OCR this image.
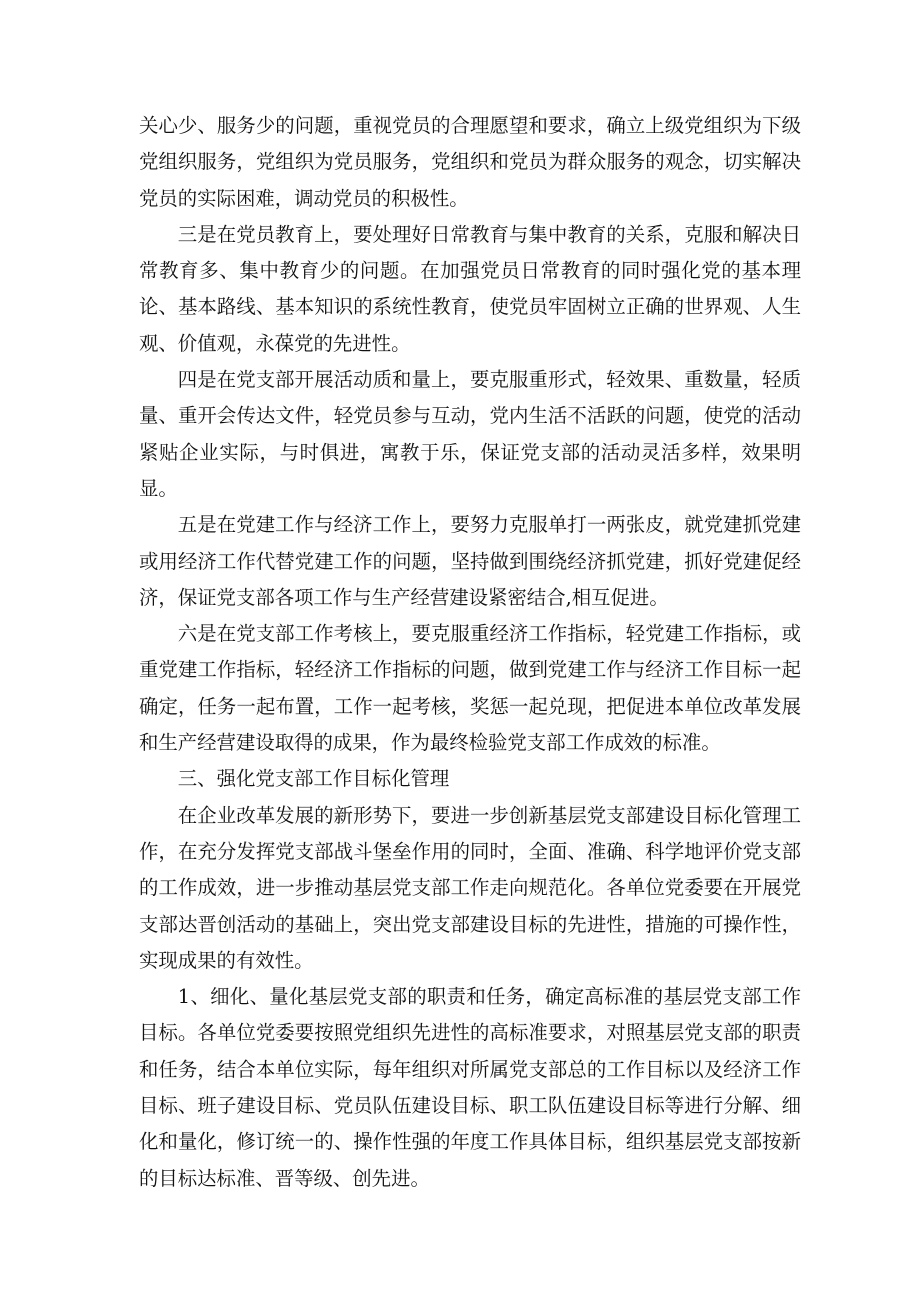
关心少、服务少的问题，重视党员的合理愿望和要求，确立上级党组织为下级党组织服务，党组织为党员服务，党组织和党员为群众服务的观念，切实解决党员的实际困难，调动党员的积极性。

三是在党员教育上，要处理好日常教育与集中教育的关系，克服和解决日常教育多、集中教育少的问题。在加强党员日常教育的同时强化党的基本理论、基本路线、基本知识的系统性教育，使党员牢固树立正确的世界观、人生观、价值观，永葆党的先进性。

四是在党支部开展活动质和量上，要克服重形式，轻效果、重数量，轻质量、重开会传达文件，轻党员参与互动，党内生活不活跃的问题，使党的活动紧贴企业实际，与时俱进，寓教于乐，保证党支部的活动灵活多样，效果明显。

五是在党建工作与经济工作上，要努力克服单打一两张皮，就党建抓党建或用经济工作代替党建工作的问题，坚持做到围绕经济抓党建，抓好党建促经济，保证党支部各项工作与生产经营建设紧密结合,相互促进。

六是在党支部工作考核上，要克服重经济工作指标，轻党建工作指标，或重党建工作指标，轻经济工作指标的问题，做到党建工作与经济工作目标一起确定，任务一起布置，工作一起考核，奖惩一起兑现，把促进本单位改革发展和生产经营建设取得的成果，作为最终检验党支部工作成效的标准。

三、强化党支部工作目标化管理

在企业改革发展的新形势下，要进一步创新基层党支部建设目标化管理工作，在充分发挥党支部战斗堡垒作用的同时，全面、准确、科学地评价党支部的工作成效，进一步推动基层党支部工作走向规范化。各单位党委要在开展党支部达晋创活动的基础上，突出党支部建设目标的先进性，措施的可操作性，实现成果的有效性。

1、细化、量化基层党支部的职责和任务，确定高标准的基层党支部工作目标。各单位党委要按照党组织先进性的高标准要求，对照基层党支部的职责和任务，结合本单位实际，每年组织对所属党支部总的工作目标以及经济工作目标、班子建设目标、党员队伍建设目标、职工队伍建设目标等进行分解、细化和量化，修订统一的、操作性强的年度工作具体目标，组织基层党支部按新的目标达标准、晋等级、创先进。
